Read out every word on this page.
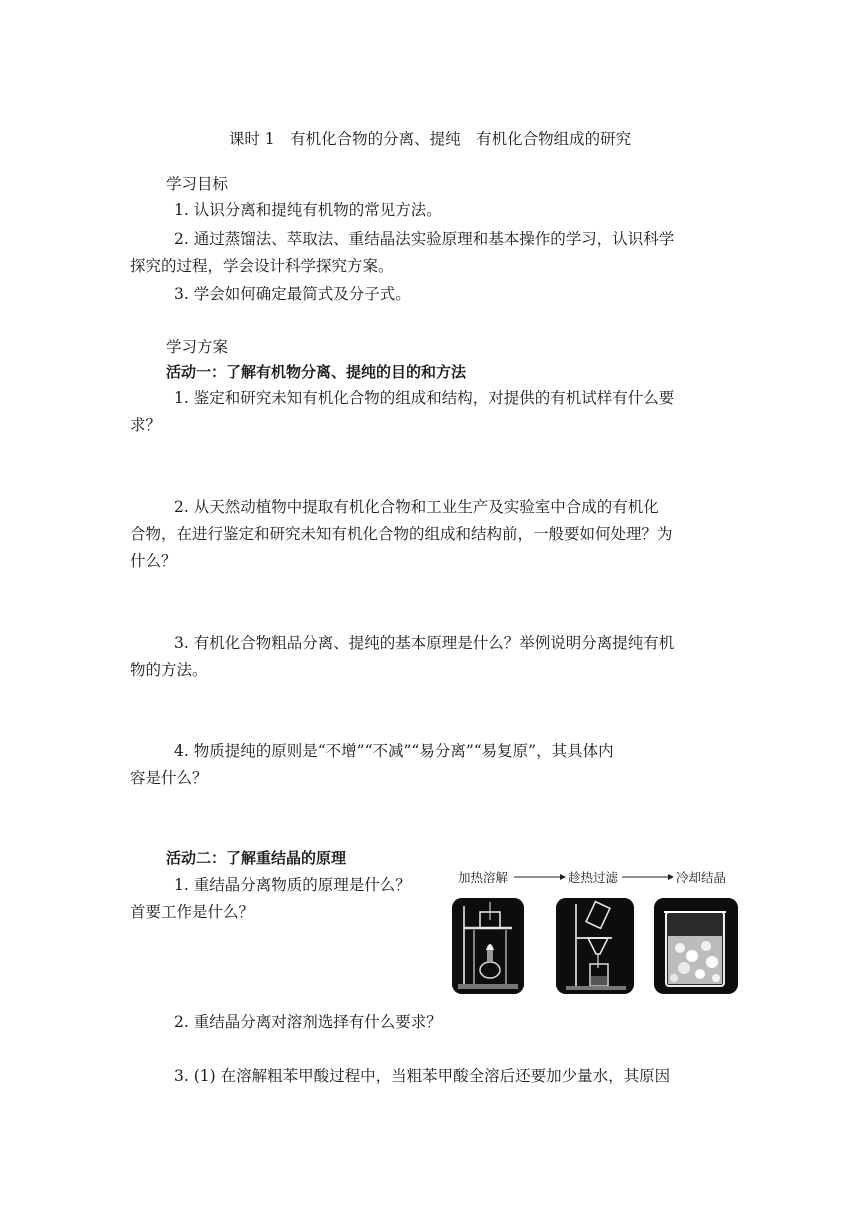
课时 1　有机化合物的分离、提纯　有机化合物组成的研究
学习目标
1. 认识分离和提纯有机物的常见方法。
2. 通过蒸馏法、萃取法、重结晶法实验原理和基本操作的学习，认识科学
探究的过程，学会设计科学探究方案。
3. 学会如何确定最简式及分子式。
学习方案
活动一：了解有机物分离、提纯的目的和方法
1. 鉴定和研究未知有机化合物的组成和结构，对提供的有机试样有什么要
求？
2. 从天然动植物中提取有机化合物和工业生产及实验室中合成的有机化
合物，在进行鉴定和研究未知有机化合物的组成和结构前，一般要如何处理？为
什么？
3. 有机化合物粗品分离、提纯的基本原理是什么？举例说明分离提纯有机
物的方法。
4. 物质提纯的原则是“不增”“不减”“易分离”“易复原”，其具体内
容是什么？
活动二：了解重结晶的原理
1. 重结晶分离物质的原理是什么？
首要工作是什么？
2. 重结晶分离对溶剂选择有什么要求？
3. (1) 在溶解粗苯甲酸过程中，当粗苯甲酸全溶后还要加少量水，其原因
加热溶解	趁热过滤	冷却结晶
